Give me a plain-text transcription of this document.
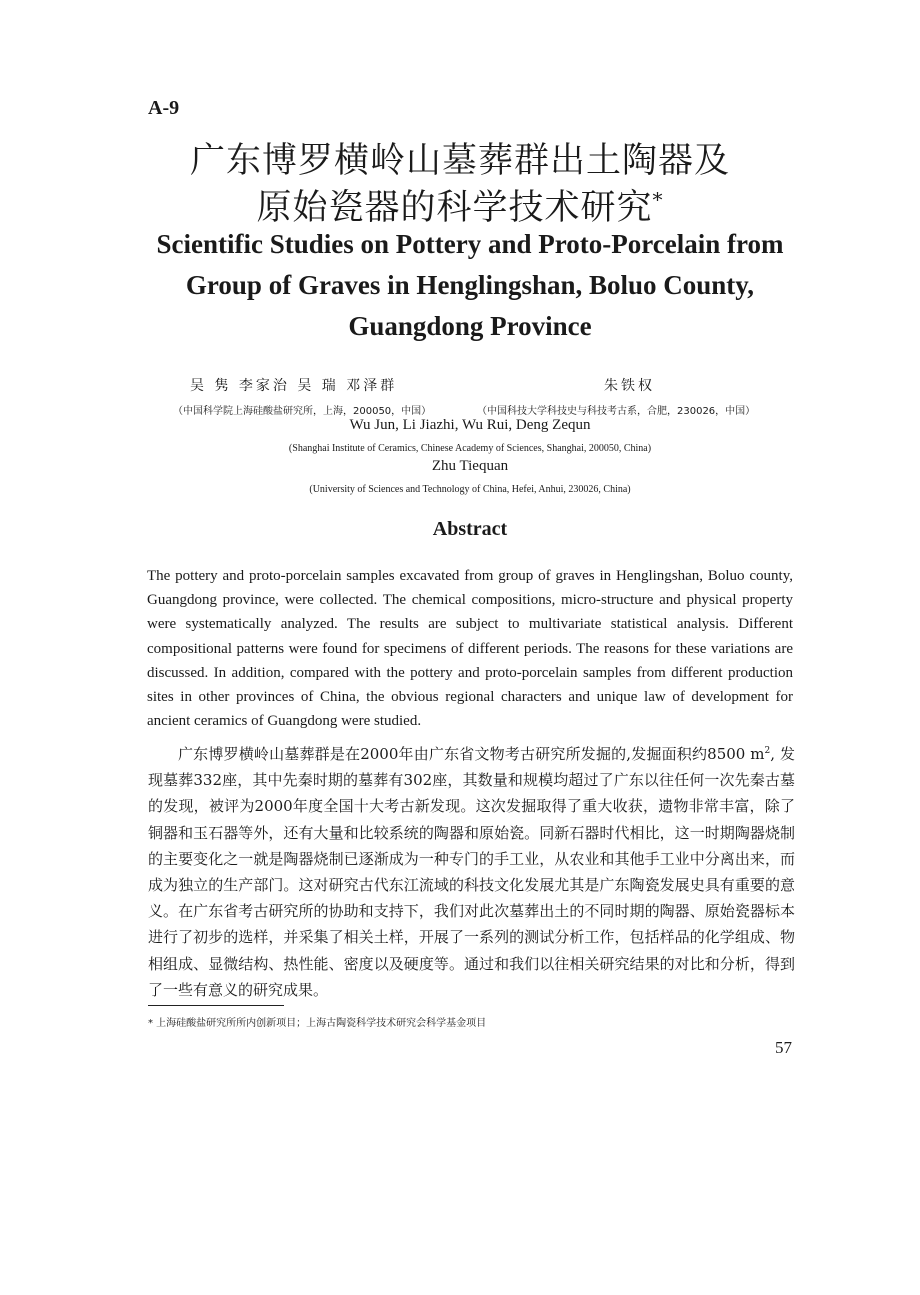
A-9
广东博罗横岭山墓葬群出土陶器及
原始瓷器的科学技术研究*
Scientific Studies on Pottery and Proto-Porcelain from
Group of Graves in Henglingshan, Boluo County,
Guangdong Province
吴 隽 李家治 吴 瑞 邓泽群	朱铁权
（中国科学院上海硅酸盐研究所，上海，200050，中国）	（中国科技大学科技史与科技考古系，合肥，230026，中国）
Wu Jun, Li Jiazhi, Wu Rui, Deng Zequn
(Shanghai Institute of Ceramics, Chinese Academy of Sciences, Shanghai, 200050, China)
Zhu Tiequan
(University of Sciences and Technology of China, Hefei, Anhui, 230026, China)
Abstract
The pottery and proto-porcelain samples excavated from group of graves in Henglingshan, Boluo county, Guangdong province, were collected. The chemical compositions, micro-structure and physical property were systematically analyzed. The results are subject to multivariate statistical analysis. Different compositional patterns were found for specimens of different periods. The reasons for these variations are discussed. In addition, compared with the pottery and proto-porcelain samples from different production sites in other provinces of China, the obvious regional characters and unique law of development for ancient ceramics of Guangdong were studied.
广东博罗横岭山墓葬群是在2000年由广东省文物考古研究所发掘的,发掘面积约8500 $m^2$, 发现墓葬332座，其中先秦时期的墓葬有302座，其数量和规模均超过了广东以往任何一次先秦古墓的发现，被评为2000年度全国十大考古新发现。这次发掘取得了重大收获，遗物非常丰富，除了铜器和玉石器等外，还有大量和比较系统的陶器和原始瓷。同新石器时代相比，这一时期陶器烧制的主要变化之一就是陶器烧制已逐渐成为一种专门的手工业，从农业和其他手工业中分离出来，而成为独立的生产部门。这对研究古代东江流域的科技文化发展尤其是广东陶瓷发展史具有重要的意义。在广东省考古研究所的协助和支持下，我们对此次墓葬出土的不同时期的陶器、原始瓷器标本进行了初步的选样，并采集了相关土样，开展了一系列的测试分析工作，包括样品的化学组成、物相组成、显微结构、热性能、密度以及硬度等。通过和我们以往相关研究结果的对比和分析，得到了一些有意义的研究成果。
* 上海硅酸盐研究所所内创新项目；上海古陶瓷科学技术研究会科学基金项目
57
